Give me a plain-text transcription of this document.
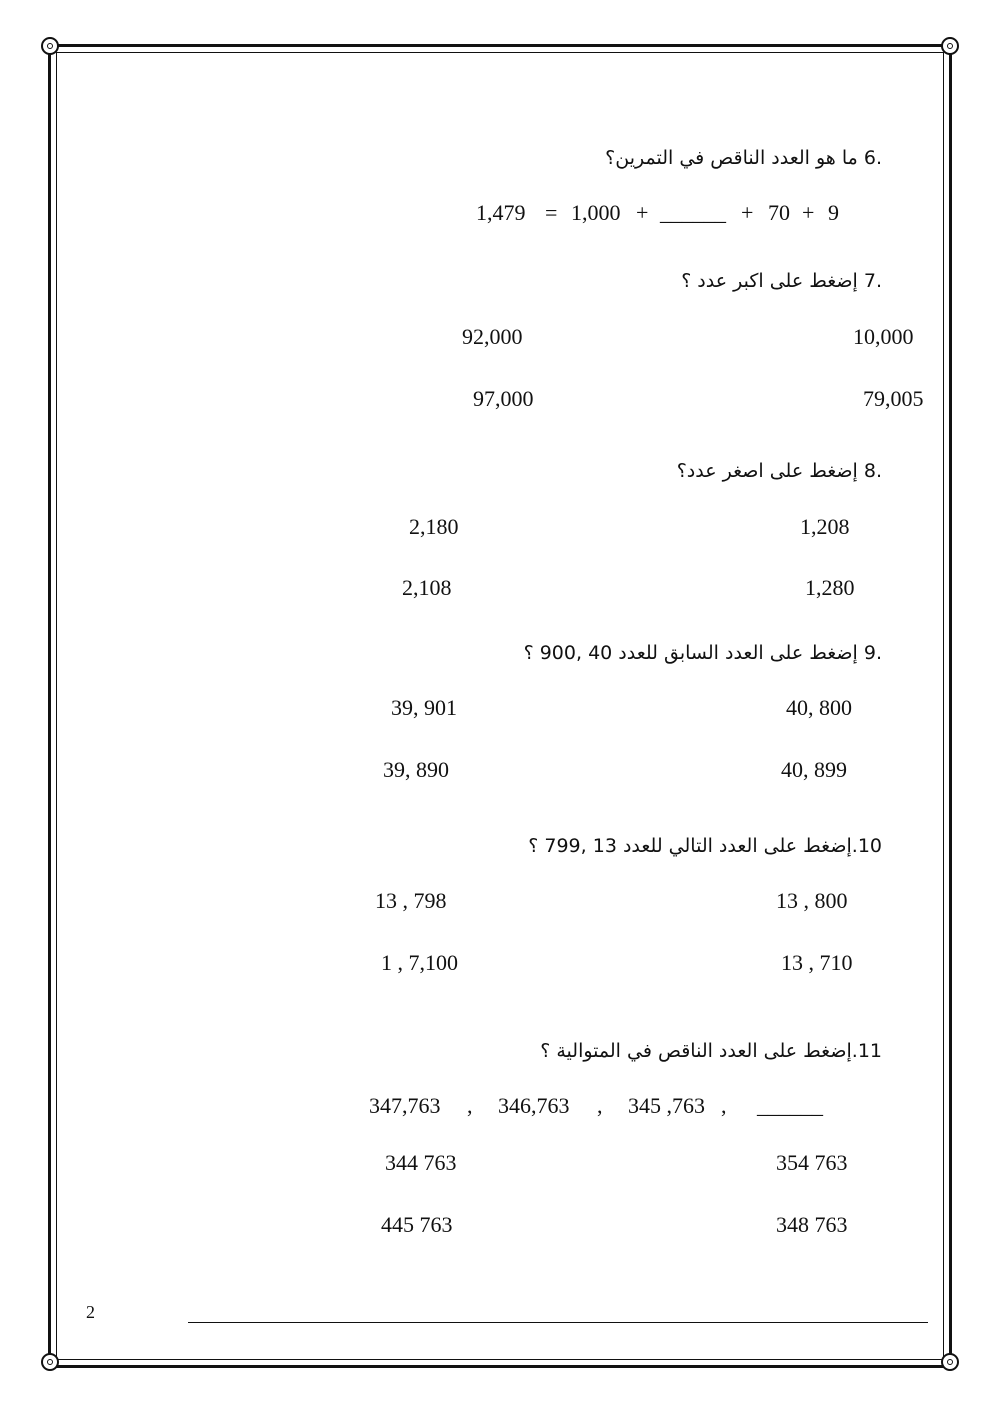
.6 ما هو العدد الناقص في التمرين؟
1,479 = 1,000 + ______ + 70 + 9
.7 إضغط على اكبر عدد ؟
10,000
92,000
79,005
97,000
.8 إضغط على اصغر عدد؟
1,208
2,180
1,280
2,108
.9 إضغط على العدد السابق للعدد 40 ,900 ؟
40, 800
39, 901
40, 899
39, 890
10.إضغط على العدد التالي للعدد 13 ,799 ؟
13 , 800
13 , 798
13 , 710
1 , 7,100
11.إضغط على العدد الناقص في المتوالية ؟
347,763 , 346,763 , 345 ,763 , ______
354 763
344 763
348 763
445 763
2
